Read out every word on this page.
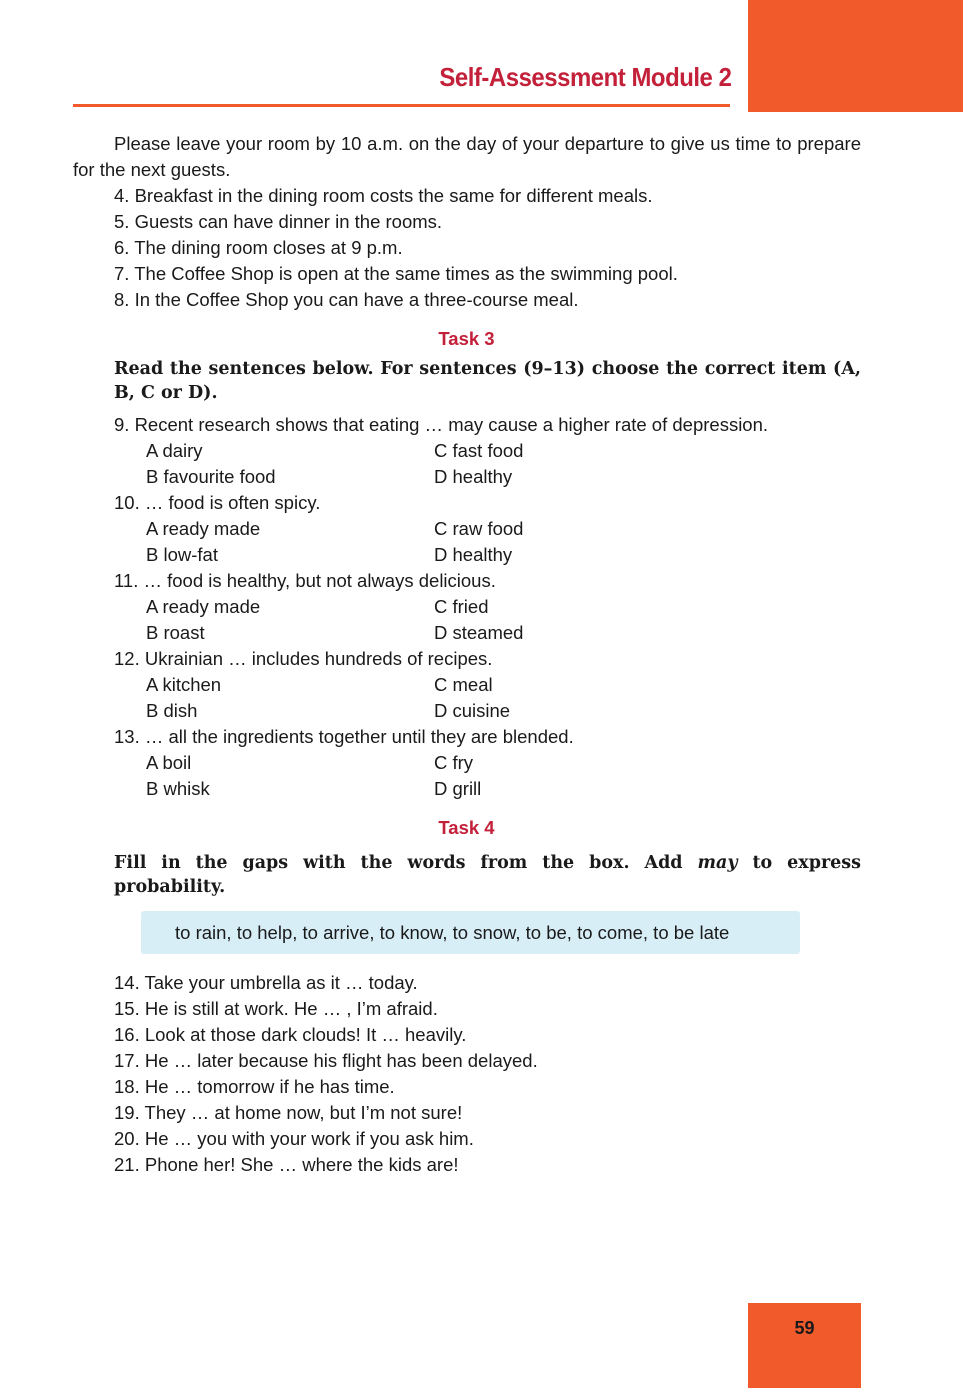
Self-Assessment Module 2
Please leave your room by 10 a.m. on the day of your departure to give us time to prepare for the next guests.
4. Breakfast in the dining room costs the same for different meals.
5. Guests can have dinner in the rooms.
6. The dining room closes at 9 p.m.
7. The Coffee Shop is open at the same times as the swimming pool.
8. In the Coffee Shop you can have a three-course meal.
Task 3
Read the sentences below. For sentences (9–13) choose the correct item (A, B, C or D).
9. Recent research shows that eating … may cause a higher rate of depression.
A dairy	C fast food
B favourite food	D healthy
10. … food is often spicy.
A ready made	C raw food
B low-fat	D healthy
11. … food is healthy, but not always delicious.
A ready made	C fried
B roast	D steamed
12. Ukrainian … includes hundreds of recipes.
A kitchen	C meal
B dish	D cuisine
13. … all the ingredients together until they are blended.
A boil	C fry
B whisk	D grill
Task 4
Fill in the gaps with the words from the box. Add may to express
probability.
to rain, to help, to arrive, to know, to snow, to be, to come, to be late
14. Take your umbrella as it … today.
15. He is still at work. He … , I’m afraid.
16. Look at those dark clouds! It … heavily.
17. He … later because his flight has been delayed.
18. He … tomorrow if he has time.
19. They … at home now, but I’m not sure!
20. He … you with your work if you ask him.
21. Phone her! She … where the kids are!
59
